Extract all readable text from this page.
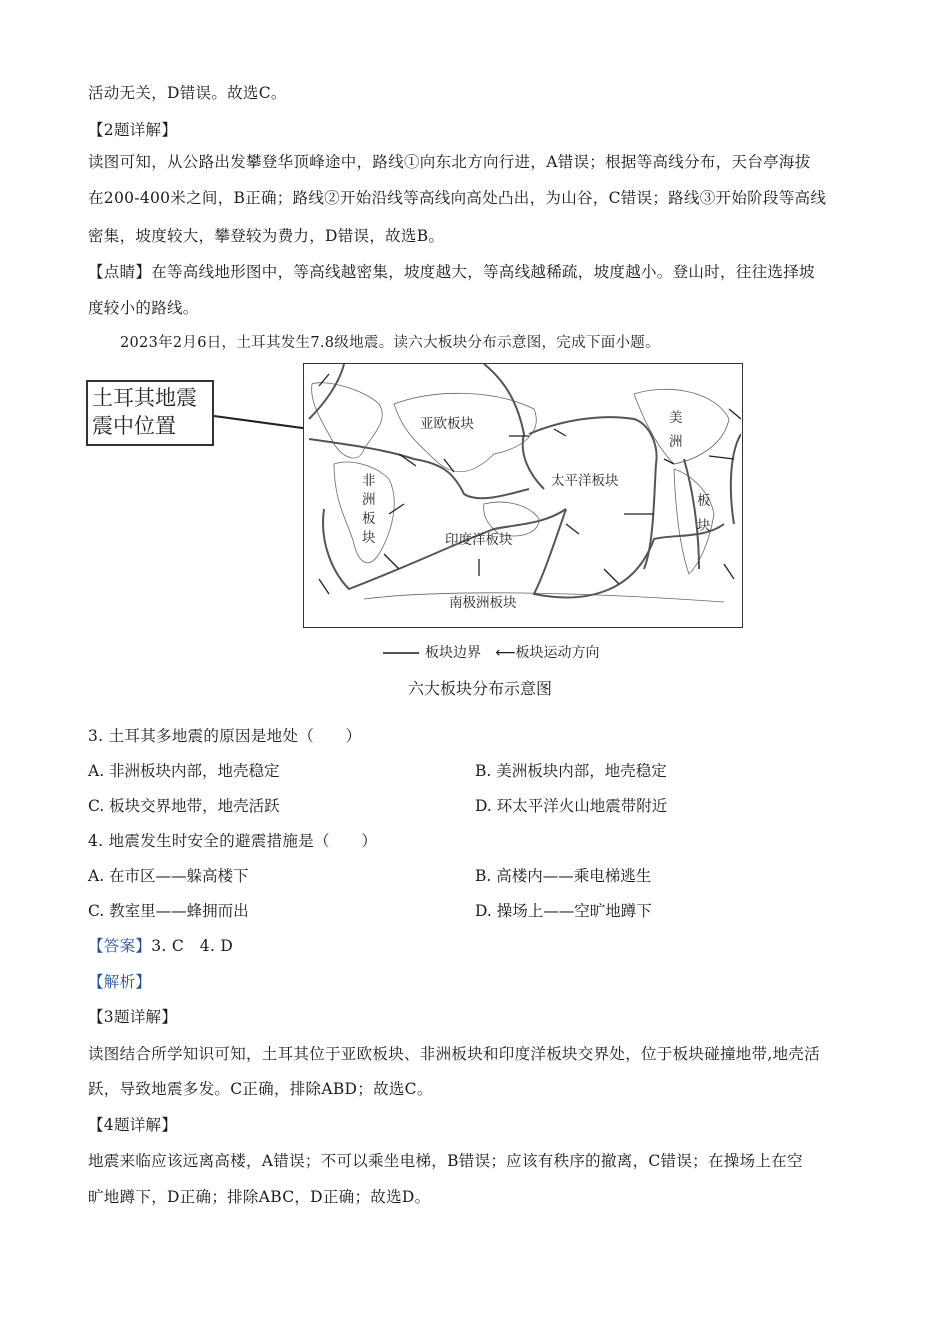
活动无关，D错误。故选C。
【2题详解】
读图可知，从公路出发攀登华顶峰途中，路线①向东北方向行进，A错误；根据等高线分布，天台亭海拔
在200-400米之间，B正确；路线②开始沿线等高线向高处凸出，为山谷，C错误；路线③开始阶段等高线
密集，坡度较大，攀登较为费力，D错误，故选B。
【点睛】在等高线地形图中，等高线越密集，坡度越大，等高线越稀疏，坡度越小。登山时，往往选择坡
度较小的路线。
2023年2月6日，土耳其发生7.8级地震。读六大板块分布示意图，完成下面小题。
土耳其地震
震中位置	亚欧板块
非
洲
板
块
太平洋板块
印度洋板块
南极洲板块
美
洲
板
块
板块边界 ⟵板块运动方向
六大板块分布示意图
3. 土耳其多地震的原因是地处（　　）
A. 非洲板块内部，地壳稳定	B. 美洲板块内部，地壳稳定
C. 板块交界地带，地壳活跃	D. 环太平洋火山地震带附近
4. 地震发生时安全的避震措施是（　　）
A. 在市区——躲高楼下	B. 高楼内——乘电梯逃生
C. 教室里——蜂拥而出	D. 操场上——空旷地蹲下
【答案】3. C　4. D
【解析】
【3题详解】
读图结合所学知识可知，土耳其位于亚欧板块、非洲板块和印度洋板块交界处，位于板块碰撞地带,地壳活
跃，导致地震多发。C正确，排除ABD；故选C。
【4题详解】
地震来临应该远离高楼，A错误；不可以乘坐电梯，B错误；应该有秩序的撤离，C错误；在操场上在空
旷地蹲下，D正确；排除ABC，D正确；故选D。
